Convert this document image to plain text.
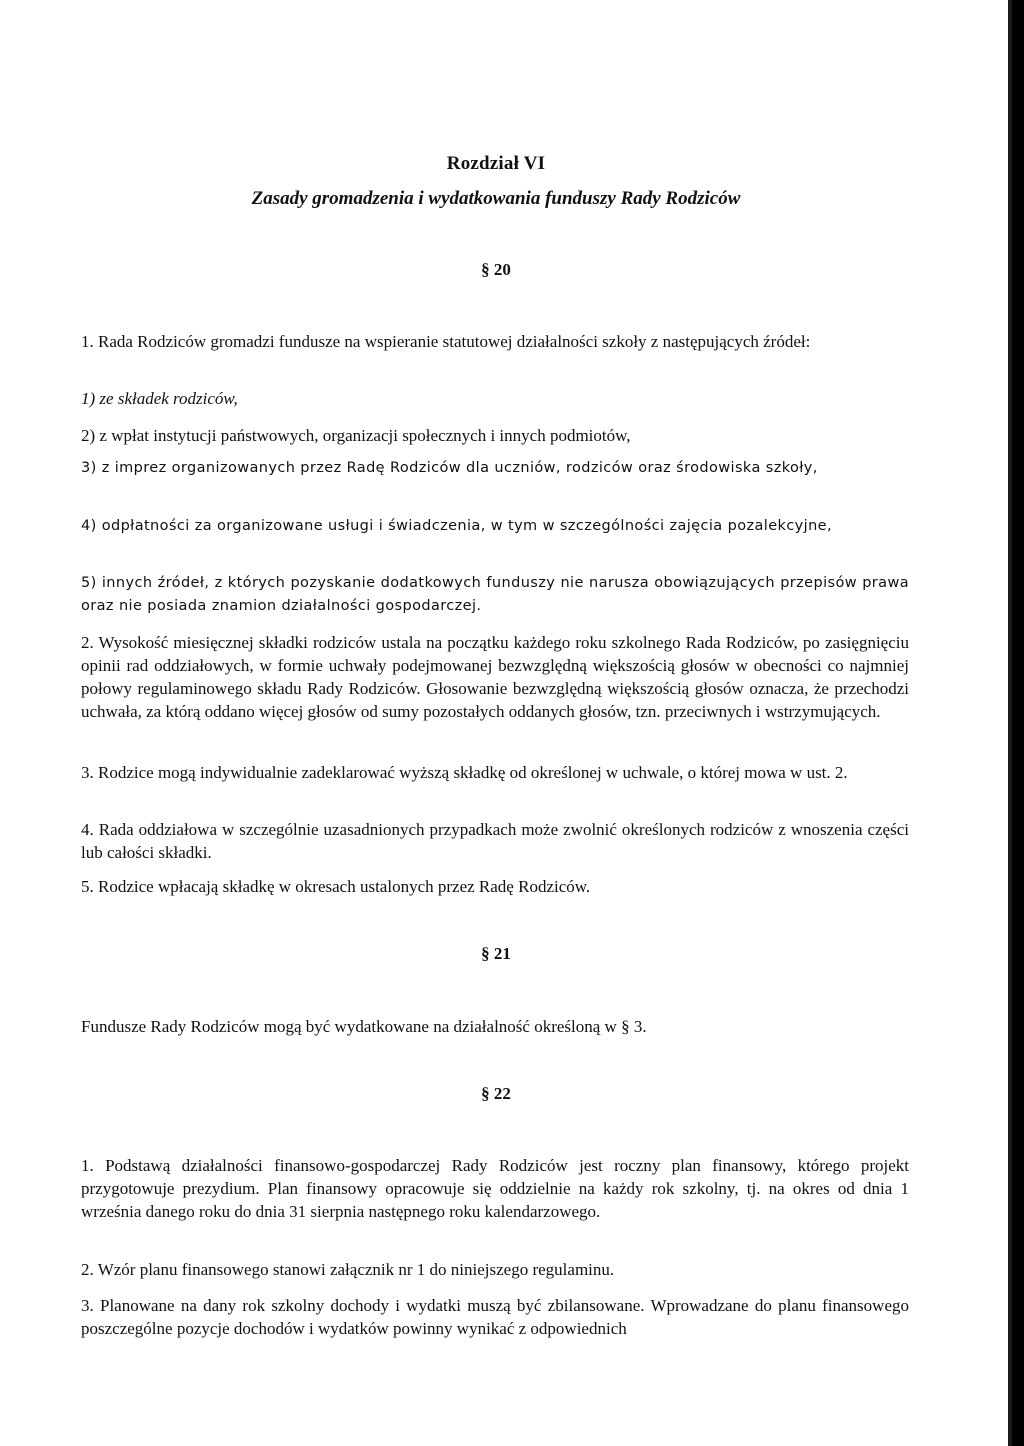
Rozdział VI
Zasady gromadzenia i wydatkowania funduszy Rady Rodziców
§ 20
1. Rada Rodziców gromadzi fundusze na wspieranie statutowej działalności szkoły z następujących źródeł:
1) ze składek rodziców,
2) z wpłat instytucji państwowych, organizacji społecznych i innych podmiotów,
3) z imprez organizowanych przez Radę Rodziców dla uczniów, rodziców oraz środowiska szkoły,
4) odpłatności za organizowane usługi i świadczenia, w tym w szczególności zajęcia pozalekcyjne,
5) innych źródeł, z których pozyskanie dodatkowych funduszy nie narusza obowiązujących przepisów prawa oraz nie posiada znamion działalności gospodarczej.
2. Wysokość miesięcznej składki rodziców ustala na początku każdego roku szkolnego Rada Rodziców, po zasięgnięciu opinii rad oddziałowych, w formie uchwały podejmowanej bezwzględną większością głosów w obecności co najmniej połowy regulaminowego składu Rady Rodziców. Głosowanie bezwzględną większością głosów oznacza, że przechodzi uchwała, za którą oddano więcej głosów od sumy pozostałych oddanych głosów, tzn. przeciwnych i wstrzymujących.
3. Rodzice mogą indywidualnie zadeklarować wyższą składkę od określonej w uchwale, o której mowa w ust. 2.
4. Rada oddziałowa w szczególnie uzasadnionych przypadkach może zwolnić określonych rodziców z wnoszenia części lub całości składki.
5. Rodzice wpłacają składkę w okresach ustalonych przez Radę Rodziców.
§ 21
Fundusze Rady Rodziców mogą być wydatkowane na działalność określoną w § 3.
§ 22
1. Podstawą działalności finansowo-gospodarczej Rady Rodziców jest roczny plan finansowy, którego projekt przygotowuje prezydium. Plan finansowy opracowuje się oddzielnie na każdy rok szkolny, tj. na okres od dnia 1 września danego roku do dnia 31 sierpnia następnego roku kalendarzowego.
2. Wzór planu finansowego stanowi załącznik nr 1 do niniejszego regulaminu.
3. Planowane na dany rok szkolny dochody i wydatki muszą być zbilansowane. Wprowadzane do planu finansowego poszczególne pozycje dochodów i wydatków powinny wynikać z odpowiednich
